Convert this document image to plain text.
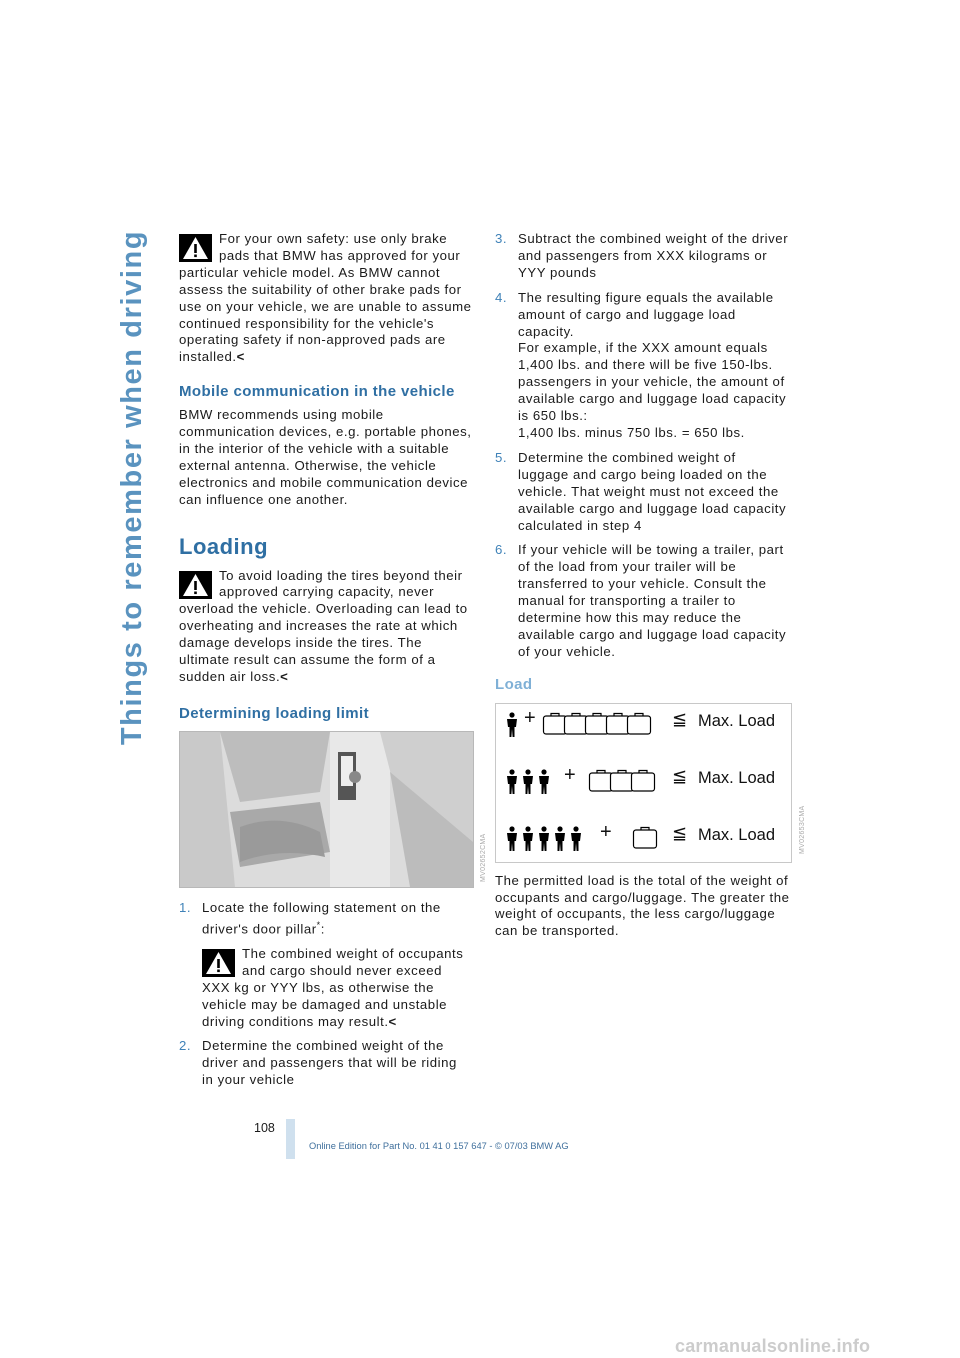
Things to remember when driving	For your own safety: use only brake pads that BMW has approved for your particular vehicle model. As BMW cannot assess the suitability of other brake pads for use on your vehicle, we are unable to assume continued responsibility for the vehicle's operating safety if non-approved pads are installed.<

Mobile communication in the vehicle

BMW recommends using mobile communication devices, e.g. portable phones, in the interior of the vehicle with a suitable external antenna. Otherwise, the vehicle electronics and mobile communication device can influence one another.

Loading

To avoid loading the tires beyond their approved carrying capacity, never overload the vehicle. Overloading can lead to overheating and increases the rate at which damage develops inside the tires. The ultimate result can assume the form of a sudden air loss.<

Determining loading limit
MV02652CMA
1. Locate the following statement on the driver's door pillar*:

The combined weight of occupants and cargo should never exceed XXX kg or YYY lbs, as otherwise the vehicle may be damaged and unstable driving conditions may result.<

2. Determine the combined weight of the driver and passengers that will be riding in your vehicle
3. Subtract the combined weight of the driver and passengers from XXX kilograms or YYY pounds
4. The resulting figure equals the available amount of cargo and luggage load capacity.
For example, if the XXX amount equals 1,400 lbs. and there will be five 150-lbs. passengers in your vehicle, the amount of available cargo and luggage load capacity is 650 lbs.:
1,400 lbs. minus 750 lbs. = 650 lbs.
5. Determine the combined weight of luggage and cargo being loaded on the vehicle. That weight must not exceed the available cargo and luggage load capacity calculated in step 4
6. If your vehicle will be towing a trailer, part of the load from your trailer will be transferred to your vehicle. Consult the manual for transporting a trailer to determine how this may reduce the available cargo and luggage load capacity of your vehicle.
Load
+	≦ Max. Load
+	≦ Max. Load
+	≦ Max. Load	MV02653CMA

The permitted load is the total of the weight of occupants and cargo/luggage. The greater the weight of occupants, the less cargo/luggage can be transported.

108
Online Edition for Part No. 01 41 0 157 647 - © 07/03 BMW AG
carmanualsonline.info
